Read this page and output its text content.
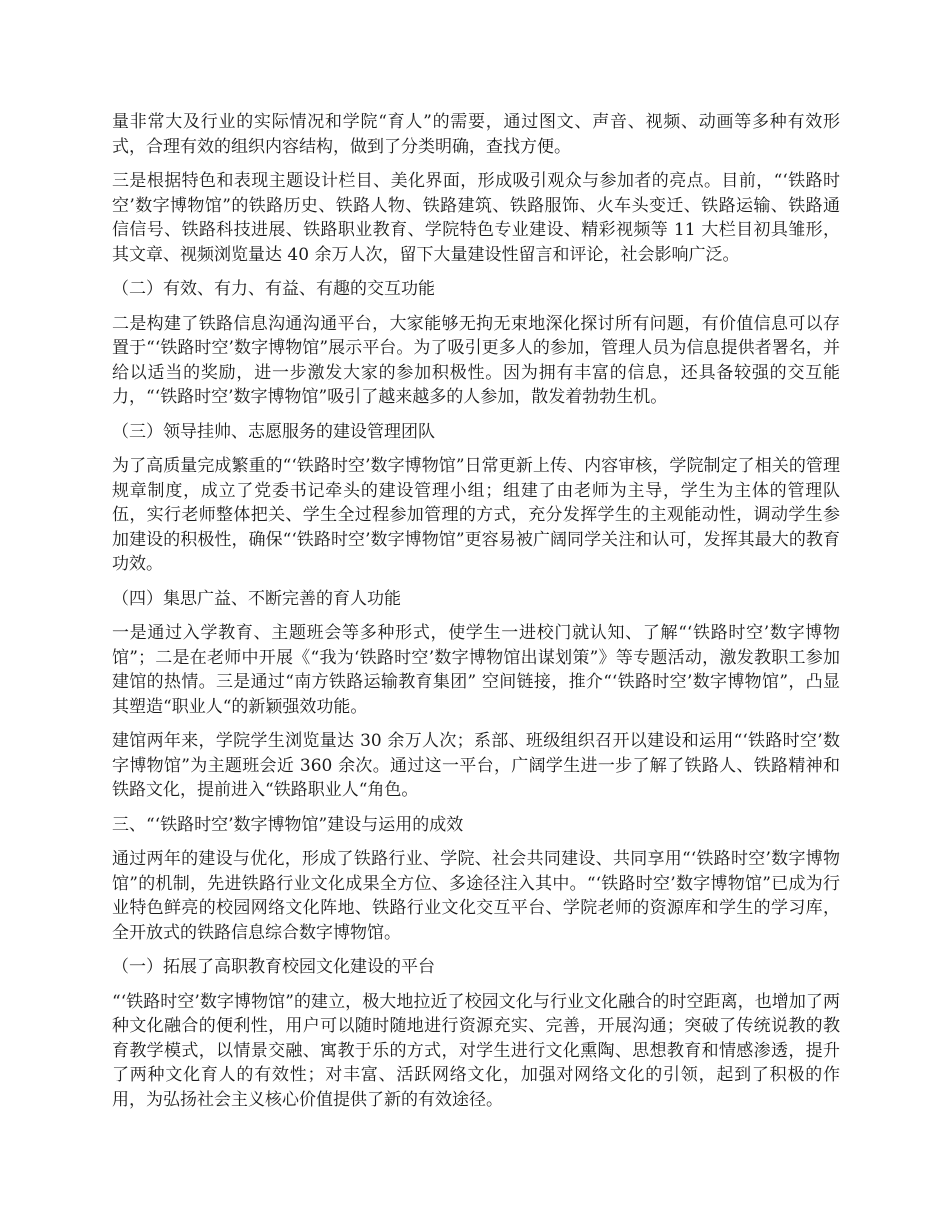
量非常大及行业的实际情况和学院“育人”的需要，通过图文、声音、视频、动画等多种有效形式，合理有效的组织内容结构，做到了分类明确，查找方便。

三是根据特色和表现主题设计栏目、美化界面，形成吸引观众与参加者的亮点。目前，“‘铁路时空’数字博物馆”的铁路历史、铁路人物、铁路建筑、铁路服饰、火车头变迁、铁路运输、铁路通信信号、铁路科技进展、铁路职业教育、学院特色专业建设、精彩视频等 11 大栏目初具雏形，其文章、视频浏览量达 40 余万人次，留下大量建设性留言和评论，社会影响广泛。

（二）有效、有力、有益、有趣的交互功能

二是构建了铁路信息沟通沟通平台，大家能够无拘无束地深化探讨所有问题，有价值信息可以存置于“‘铁路时空’数字博物馆”展示平台。为了吸引更多人的参加，管理人员为信息提供者署名，并给以适当的奖励，进一步激发大家的参加积极性。因为拥有丰富的信息，还具备较强的交互能力，“‘铁路时空’数字博物馆”吸引了越来越多的人参加，散发着勃勃生机。

（三）领导挂帅、志愿服务的建设管理团队

为了高质量完成繁重的“‘铁路时空’数字博物馆”日常更新上传、内容审核，学院制定了相关的管理规章制度，成立了党委书记牵头的建设管理小组；组建了由老师为主导，学生为主体的管理队伍，实行老师整体把关、学生全过程参加管理的方式，充分发挥学生的主观能动性，调动学生参加建设的积极性，确保“‘铁路时空’数字博物馆”更容易被广阔同学关注和认可，发挥其最大的教育功效。

（四）集思广益、不断完善的育人功能

一是通过入学教育、主题班会等多种形式，使学生一进校门就认知、了解“‘铁路时空’数字博物馆”；二是在老师中开展《“我为‘铁路时空’数字博物馆出谋划策”》等专题活动，激发教职工参加建馆的热情。三是通过“南方铁路运输教育集团” 空间链接，推介“‘铁路时空’数字博物馆”，凸显其塑造“职业人“的新颖强效功能。

建馆两年来，学院学生浏览量达 30 余万人次；系部、班级组织召开以建设和运用“‘铁路时空’数字博物馆”为主题班会近 360 余次。通过这一平台，广阔学生进一步了解了铁路人、铁路精神和铁路文化，提前进入“铁路职业人“角色。

三、“‘铁路时空’数字博物馆”建设与运用的成效

通过两年的建设与优化，形成了铁路行业、学院、社会共同建设、共同享用“‘铁路时空’数字博物馆”的机制，先进铁路行业文化成果全方位、多途径注入其中。“‘铁路时空’数字博物馆”已成为行业特色鲜亮的校园网络文化阵地、铁路行业文化交互平台、学院老师的资源库和学生的学习库，全开放式的铁路信息综合数字博物馆。

（一）拓展了高职教育校园文化建设的平台

“‘铁路时空’数字博物馆”的建立，极大地拉近了校园文化与行业文化融合的时空距离，也增加了两种文化融合的便利性，用户可以随时随地进行资源充实、完善，开展沟通；突破了传统说教的教育教学模式，以情景交融、寓教于乐的方式，对学生进行文化熏陶、思想教育和情感渗透，提升了两种文化育人的有效性；对丰富、活跃网络文化，加强对网络文化的引领，起到了积极的作用，为弘扬社会主义核心价值提供了新的有效途径。
